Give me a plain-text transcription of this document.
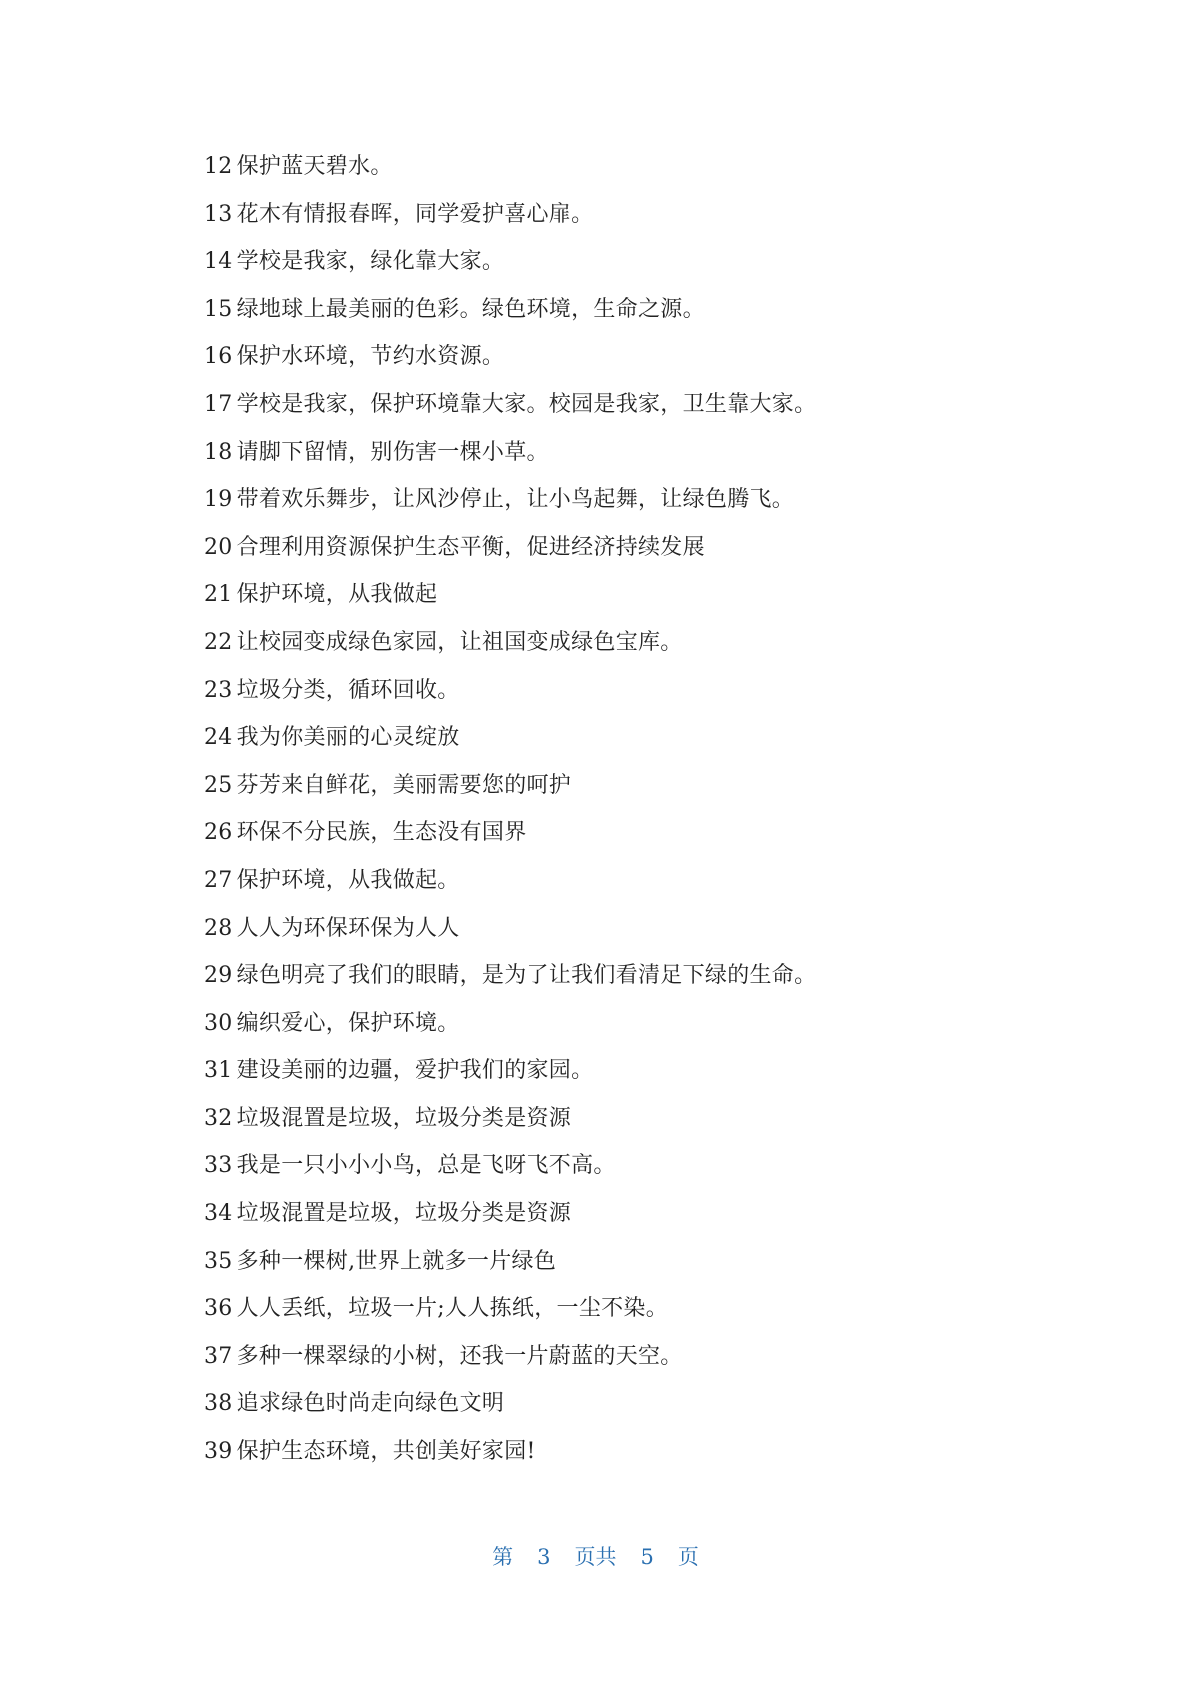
12 保护蓝天碧水。
13 花木有情报春晖，同学爱护喜心扉。
14 学校是我家，绿化靠大家。
15 绿地球上最美丽的色彩。绿色环境，生命之源。
16 保护水环境，节约水资源。
17 学校是我家，保护环境靠大家。校园是我家，卫生靠大家。
18 请脚下留情，别伤害一棵小草。
19 带着欢乐舞步，让风沙停止，让小鸟起舞，让绿色腾飞。
20 合理利用资源保护生态平衡，促进经济持续发展
21 保护环境，从我做起
22 让校园变成绿色家园，让祖国变成绿色宝库。
23 垃圾分类，循环回收。
24 我为你美丽的心灵绽放
25 芬芳来自鲜花，美丽需要您的呵护
26 环保不分民族，生态没有国界
27 保护环境，从我做起。
28 人人为环保环保为人人
29 绿色明亮了我们的眼睛，是为了让我们看清足下绿的生命。
30 编织爱心，保护环境。
31 建设美丽的边疆，爱护我们的家园。
32 垃圾混置是垃圾，垃圾分类是资源
33 我是一只小小小鸟，总是飞呀飞不高。
34 垃圾混置是垃圾，垃圾分类是资源
35 多种一棵树,世界上就多一片绿色
36 人人丢纸，垃圾一片;人人拣纸，一尘不染。
37 多种一棵翠绿的小树，还我一片蔚蓝的天空。
38 追求绿色时尚走向绿色文明
39 保护生态环境，共创美好家园!
第 3 页共 5 页
